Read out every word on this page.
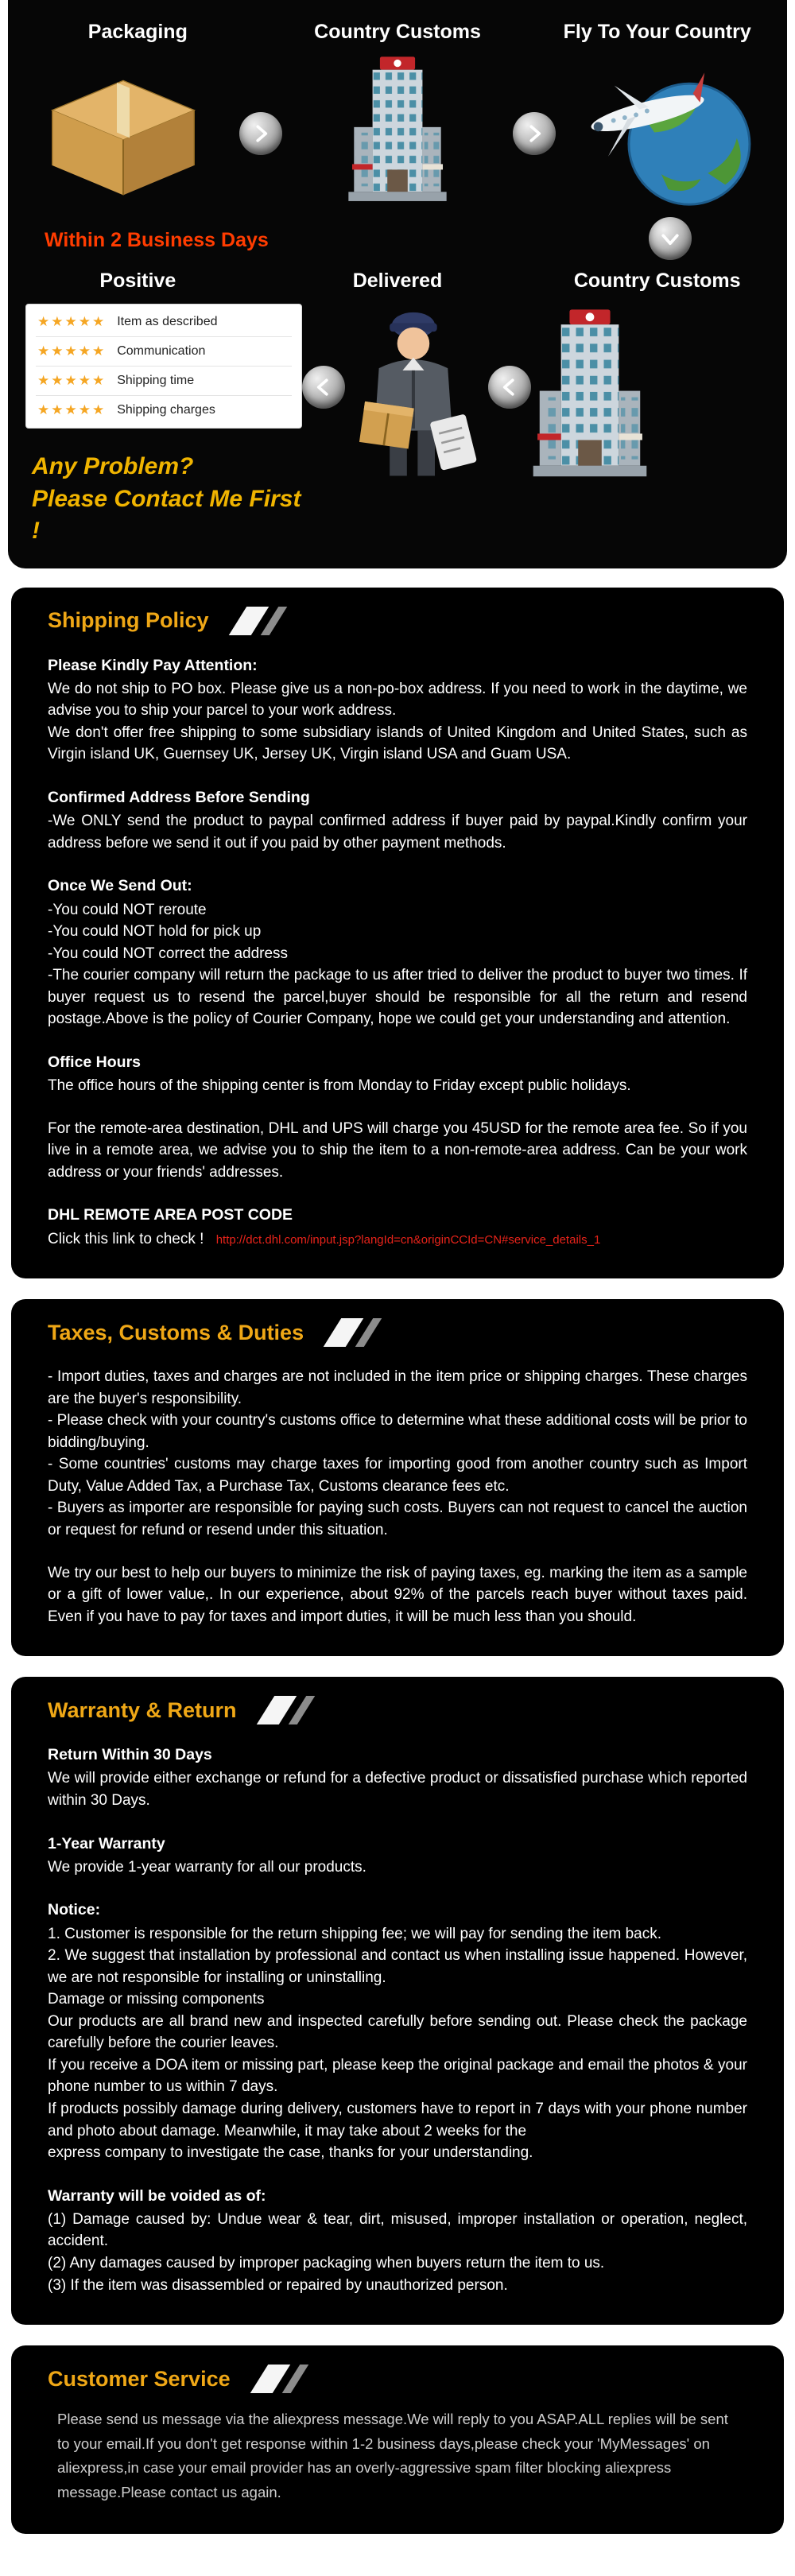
Packaging	Country Customs	Fly To Your Country
Within 2 Business Days
Positive	Delivered	Country Customs
★★★★★ Item as described
★★★★★ Communication
★★★★★ Shipping time
★★★★★ Shipping charges
Any Problem?
Please Contact Me First !
Shipping Policy
Please Kindly Pay Attention:

We do not ship to PO box. Please give us a non-po-box address. If you need to work in the daytime, we advise you to ship your parcel to your work address.

We don't offer free shipping to some subsidiary islands of United Kingdom and United States, such as Virgin island UK, Guernsey UK, Jersey UK, Virgin island USA and Guam USA.

Confirmed Address Before Sending

-We ONLY send the product to paypal confirmed address if buyer paid by paypal.Kindly confirm your address before we send it out if you paid by other payment methods.

Once We Send Out:

-You could NOT reroute

-You could NOT hold for pick up

-You could NOT correct the address

-The courier company will return the package to us after tried to deliver the product to buyer two times. If buyer request us to resend the parcel,buyer should be responsible for all the return and resend postage.Above is the policy of Courier Company, hope we could get your understanding and attention.

Office Hours

The office hours of the shipping center is from Monday to Friday except public holidays.

For the remote-area destination, DHL and UPS will charge you 45USD for the remote area fee. So if you live in a remote area, we advise you to ship the item to a non-remote-area address. Can be your work address or your friends' addresses.

DHL REMOTE AREA POST CODE

Click this link to check ! http://dct.dhl.com/input.jsp?langId=cn&originCCId=CN#service_details_1

Taxes, Customs & Duties

- Import duties, taxes and charges are not included in the item price or shipping charges. These charges are the buyer's responsibility.

- Please check with your country's customs office to determine what these additional costs will be prior to bidding/buying.

- Some countries' customs may charge taxes for importing good from another country such as Import Duty, Value Added Tax, a Purchase Tax, Customs clearance fees etc.

- Buyers as importer are responsible for paying such costs. Buyers can not request to cancel the auction or request for refund or resend under this situation.

We try our best to help our buyers to minimize the risk of paying taxes, eg. marking the item as a sample or a gift of lower value,. In our experience, about 92% of the parcels reach buyer without taxes paid. Even if you have to pay for taxes and import duties, it will be much less than you should.

Warranty & Return
Return Within 30 Days

We will provide either exchange or refund for a defective product or dissatisfied purchase which reported within 30 Days.

1-Year Warranty

We provide 1-year warranty for all our products.

Notice:

1. Customer is responsible for the return shipping fee; we will pay for sending the item back.

2. We suggest that installation by professional and contact us when installing issue happened. However, we are not responsible for installing or uninstalling.

Damage or missing components

Our products are all brand new and inspected carefully before sending out. Please check the package carefully before the courier leaves.

If you receive a DOA item or missing part, please keep the original package and email the photos & your phone number to us within 7 days.

If products possibly damage during delivery, customers have to report in 7 days with your phone number and photo about damage. Meanwhile, it may take about 2 weeks for the

express company to investigate the case, thanks for your understanding.

Warranty will be voided as of:

(1) Damage caused by: Undue wear & tear, dirt, misused, improper installation or operation, neglect, accident.

(2) Any damages caused by improper packaging when buyers return the item to us.

(3) If the item was disassembled or repaired by unauthorized person.

Customer Service
Please send us message via the aliexpress message.We will reply to you ASAP.ALL replies will be sent to your email.If you don't get response within 1-2 business days,please check your 'MyMessages' on aliexpress,in case your email provider has an overly-aggressive spam filter blocking aliexpress message.Please contact us again.
